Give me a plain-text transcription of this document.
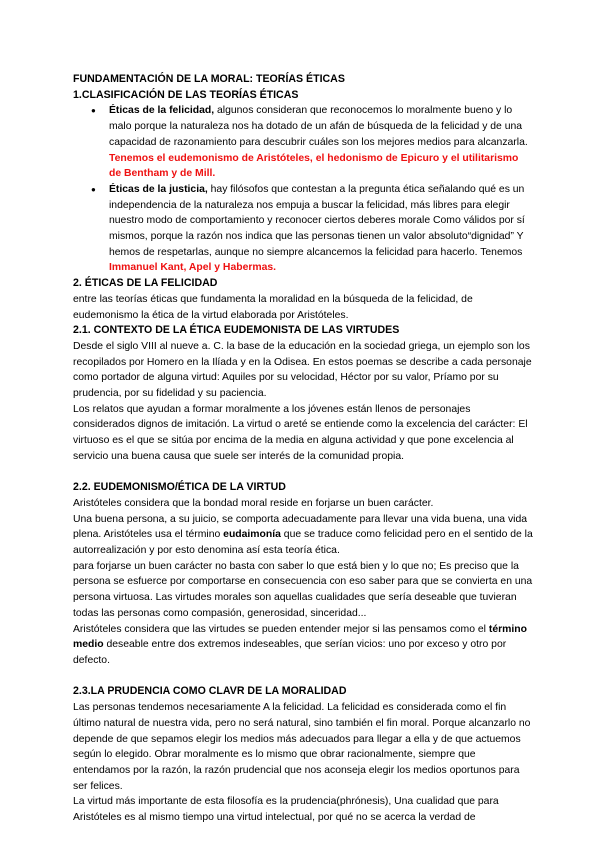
FUNDAMENTACIÓN DE LA MORAL: TEORÍAS ÉTICAS
1.CLASIFICACIÓN DE LAS TEORÍAS ÉTICAS
● Éticas de la felicidad, algunos consideran que reconocemos lo moralmente bueno y lo malo porque la naturaleza nos ha dotado de un afán de búsqueda de la felicidad y de una capacidad de razonamiento para descubrir cuáles son los mejores medios para alcanzarla. Tenemos el eudemonismo de Aristóteles, el hedonismo de Epicuro y el utilitarismo de Bentham y de Mill.
● Éticas de la justicia, hay filósofos que contestan a la pregunta ética señalando qué es un independencia de la naturaleza nos empuja a buscar la felicidad, más libres para elegir nuestro modo de comportamiento y reconocer ciertos deberes morale Como válidos por sí mismos, porque la razón nos indica que las personas tienen un valor absoluto“dignidad” Y hemos de respetarlas, aunque no siempre alcancemos la felicidad para hacerlo. Tenemos Immanuel Kant, Apel y Habermas.
2. ÉTICAS DE LA FELICIDAD

entre las teorías éticas que fundamenta la moralidad en la búsqueda de la felicidad, de eudemonismo la ética de la virtud elaborada por Aristóteles.

2.1. CONTEXTO DE LA ÉTICA EUDEMONISTA DE LAS VIRTUDES

Desde el siglo VIII al nueve a. C. la base de la educación en la sociedad griega, un ejemplo son los recopilados por Homero en la Ilíada y en la Odisea. En estos poemas se describe a cada personaje como portador de alguna virtud: Aquiles por su velocidad, Héctor por su valor, Príamo por su prudencia, por su fidelidad y su paciencia.

Los relatos que ayudan a formar moralmente a los jóvenes están llenos de personajes considerados dignos de imitación. La virtud o areté se entiende como la excelencia del carácter: El virtuoso es el que se sitúa por encima de la media en alguna actividad y que pone excelencia al servicio una buena causa que suele ser interés de la comunidad propia.

2.2. EUDEMONISMO/ÉTICA DE LA VIRTUD

Aristóteles considera que la bondad moral reside en forjarse un buen carácter.

Una buena persona, a su juicio, se comporta adecuadamente para llevar una vida buena, una vida plena. Aristóteles usa el término eudaimonía que se traduce como felicidad pero en el sentido de la autorrealización y por esto denomina así esta teoría ética.

para forjarse un buen carácter no basta con saber lo que está bien y lo que no; Es preciso que la persona se esfuerce por comportarse en consecuencia con eso saber para que se convierta en una persona virtuosa. Las virtudes morales son aquellas cualidades que sería deseable que tuvieran todas las personas como compasión, generosidad, sinceridad...

Aristóteles considera que las virtudes se pueden entender mejor si las pensamos como el término medio deseable entre dos extremos indeseables, que serían vicios: uno por exceso y otro por defecto.

2.3.LA PRUDENCIA COMO CLAVR DE LA MORALIDAD

Las personas tendemos necesariamente A la felicidad. La felicidad es considerada como el fin último natural de nuestra vida, pero no será natural, sino también el fin moral. Porque alcanzarlo no depende de que sepamos elegir los medios más adecuados para llegar a ella y de que actuemos según lo elegido. Obrar moralmente es lo mismo que obrar racionalmente, siempre que entendamos por la razón, la razón prudencial que nos aconseja elegir los medios oportunos para ser felices.

La virtud más importante de esta filosofía es la prudencia(phrónesis), Una cualidad que para Aristóteles es al mismo tiempo una virtud intelectual, por qué no se acerca la verdad de
